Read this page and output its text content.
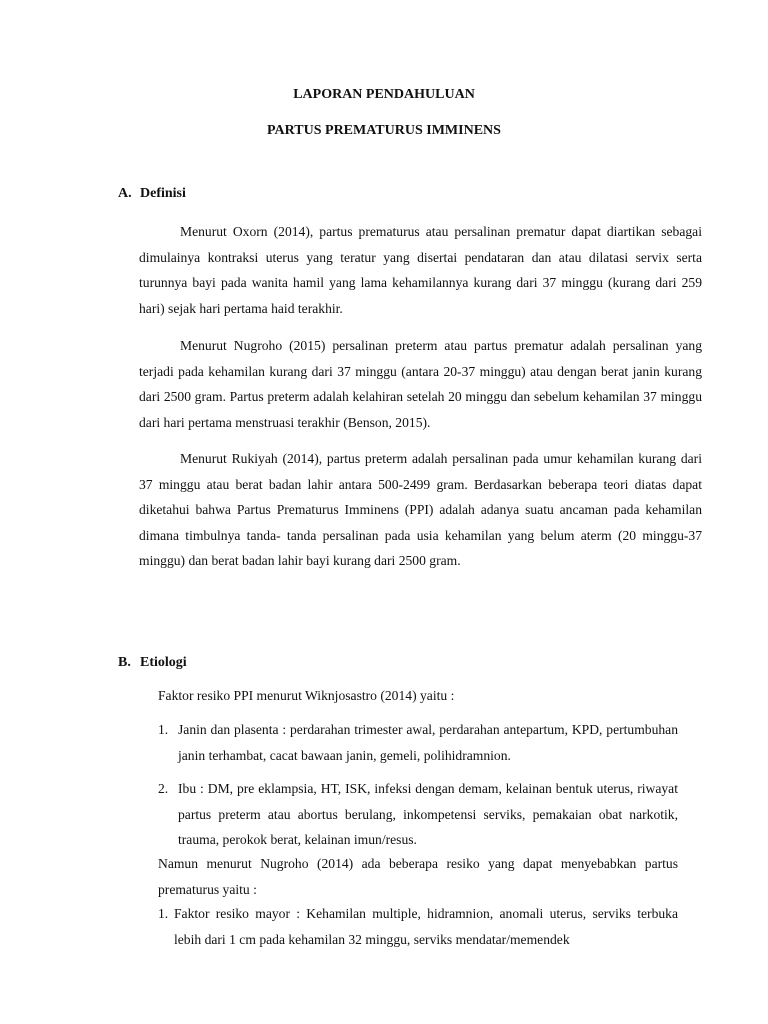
LAPORAN PENDAHULUAN
PARTUS PREMATURUS IMMINENS
A. Definisi

Menurut Oxorn (2014), partus prematurus atau persalinan prematur dapat diartikan sebagai dimulainya kontraksi uterus yang teratur yang disertai pendataran dan atau dilatasi servix serta turunnya bayi pada wanita hamil yang lama kehamilannya kurang dari 37 minggu (kurang dari 259 hari) sejak hari pertama haid terakhir.

Menurut Nugroho (2015) persalinan preterm atau partus prematur adalah persalinan yang terjadi pada kehamilan kurang dari 37 minggu (antara 20-37 minggu) atau dengan berat janin kurang dari 2500 gram. Partus preterm adalah kelahiran setelah 20 minggu dan sebelum kehamilan 37 minggu dari hari pertama menstruasi terakhir (Benson, 2015).

Menurut Rukiyah (2014), partus preterm adalah persalinan pada umur kehamilan kurang dari 37 minggu atau berat badan lahir antara 500-2499 gram. Berdasarkan beberapa teori diatas dapat diketahui bahwa Partus Prematurus Imminens (PPI) adalah adanya suatu ancaman pada kehamilan dimana timbulnya tanda- tanda persalinan pada usia kehamilan yang belum aterm (20 minggu-37 minggu) dan berat badan lahir bayi kurang dari 2500 gram.

B. Etiologi

Faktor resiko PPI menurut Wiknjosastro (2014) yaitu :

1. Janin dan plasenta : perdarahan trimester awal, perdarahan antepartum, KPD, pertumbuhan janin terhambat, cacat bawaan janin, gemeli, polihidramnion.
2. Ibu : DM, pre eklampsia, HT, ISK, infeksi dengan demam, kelainan bentuk uterus, riwayat partus preterm atau abortus berulang, inkompetensi serviks, pemakaian obat narkotik, trauma, perokok berat, kelainan imun/resus.

Namun menurut Nugroho (2014) ada beberapa resiko yang dapat menyebabkan partus prematurus yaitu :

1. Faktor resiko mayor : Kehamilan multiple, hidramnion, anomali uterus, serviks terbuka lebih dari 1 cm pada kehamilan 32 minggu, serviks mendatar/memendek
